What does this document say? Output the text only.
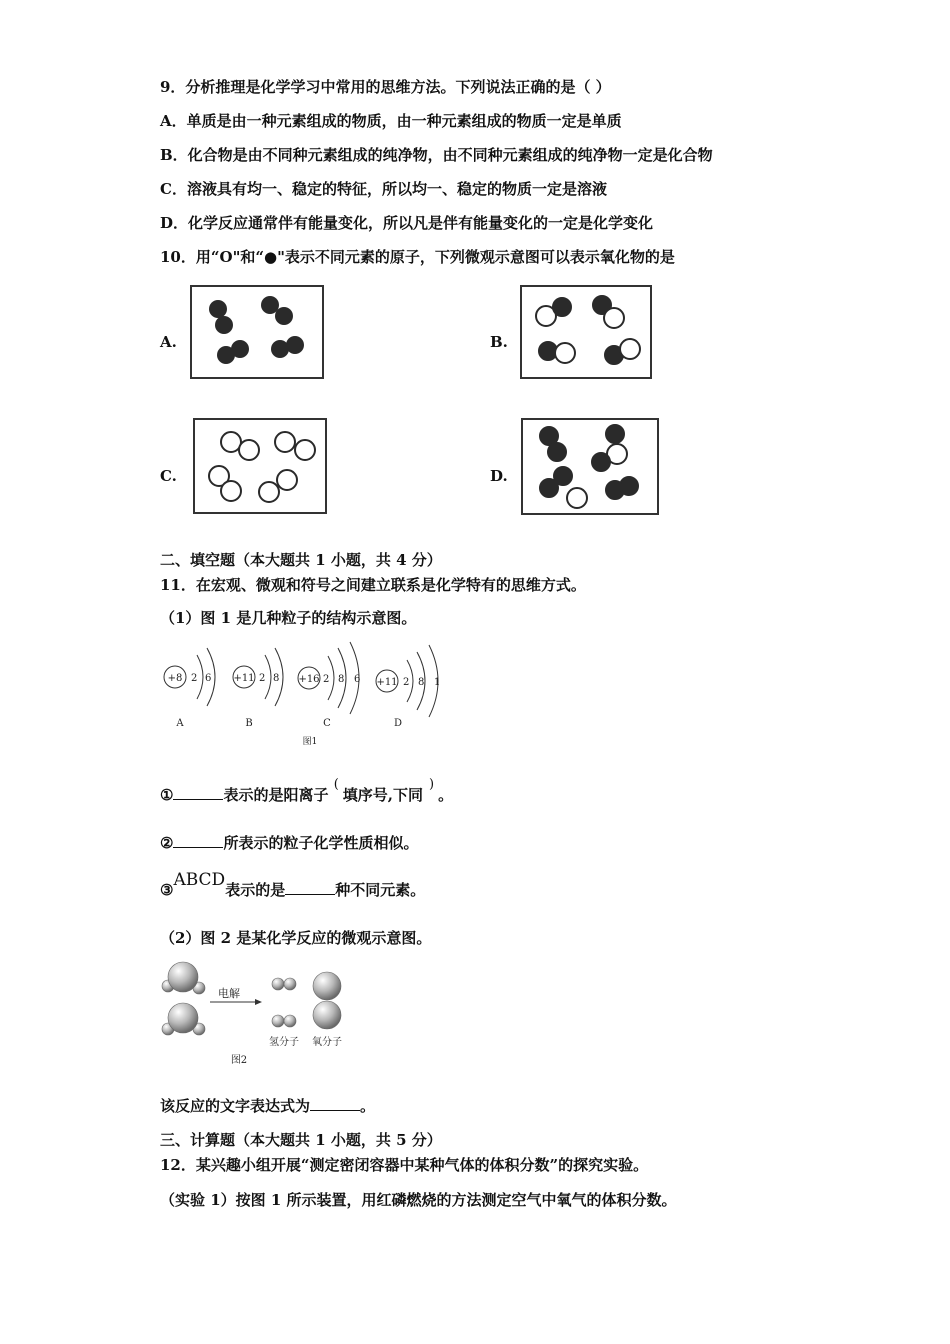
9．分析推理是化学学习中常用的思维方法。下列说法正确的是（ ）
A．单质是由一种元素组成的物质，由一种元素组成的物质一定是单质
B．化合物是由不同种元素组成的纯净物，由不同种元素组成的纯净物一定是化合物
C．溶液具有均一、稳定的特征，所以均一、稳定的物质一定是溶液
D．化学反应通常伴有能量变化，所以凡是伴有能量变化的一定是化学变化
10．用“O"和“●"表示不同元素的原子，下列微观示意图可以表示氧化物的是
A.	B.
C.	D.
二、填空题（本大题共 1 小题，共 4 分）
11．在宏观、微观和符号之间建立联系是化学特有的思维方式。
（1）图 1 是几种粒子的结构示意图。
+8 2 6 +11 2 8 +16 2 8 6 +11 2 8 1
A	B	C	D
图1
①	表示的是阳离子 (填序号,下同)。
②	所表示的粒子化学性质相似。
③ABCD表示的是	种不同元素。
（2）图 2 是某化学反应的微观示意图。
电解
氢分子 氧分子
图2
该反应的文字表达式为	。
三、计算题（本大题共 1 小题，共 5 分）
12．某兴趣小组开展“测定密闭容器中某种气体的体积分数”的探究实验。
（实验 1）按图 1 所示装置，用红磷燃烧的方法测定空气中氧气的体积分数。
